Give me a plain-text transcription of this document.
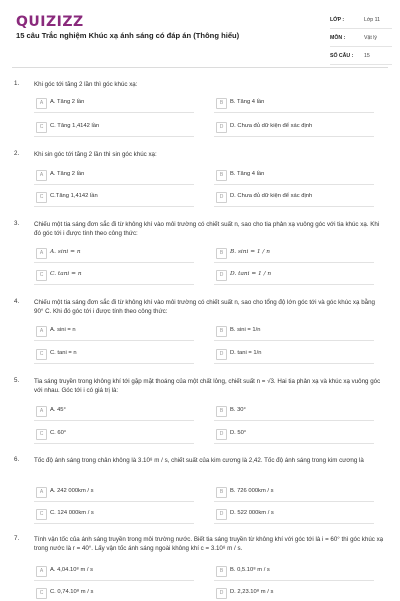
QUIZIZZ
15 câu Trắc nghiệm Khúc xạ ánh sáng có đáp án (Thông hiểu)
LỚP :	Lớp 11
MÔN :	Vật lý
SỐ CÂU : 15
1. Khi góc tới tăng 2 lần thì góc khúc xạ:
A	A. Tăng 2 lần	B	B. Tăng 4 lần
C	C. Tăng 1,4142 lần	D	D. Chưa đủ dữ kiện để xác định
2. Khi sin góc tới tăng 2 lần thì sin góc khúc xạ:
A	A. Tăng 2 lần	B	B. Tăng 4 lần
C	C.Tăng 1,4142 lần	D	D. Chưa đủ dữ kiện để xác định
3. Chiếu một tia sáng đơn sắc đi từ không khí vào môi trường có chiết suất n, sao cho tia phản xạ vuông góc với tia khúc xạ. Khi đó góc tới i được tính theo công thức:
A	A. sini = n	B	B. sini = 1 / n
C	C. tani = n	D	D. tani = 1 / n
4. Chiếu một tia sáng đơn sắc đi từ không khí vào môi trường có chiết suất n, sao cho tổng độ lớn góc tới và góc khúc xạ bằng 90° C. Khi đó góc tới i được tính theo công thức:
A	A. sini = n	B	B. sini = 1/n
C	C. tani = n	D	D. tani = 1/n
5. Tia sáng truyền trong không khí tới gặp mặt thoáng của một chất lỏng, chiết suất n = √3. Hai tia phản xạ và khúc xạ vuông góc với nhau. Góc tới i có giá trị là:
A	A. 45°	B	B. 30°
C	C. 60°	D	D. 50°
6. Tốc độ ánh sáng trong chân không là 3.10⁸ m / s, chiết suất của kim cương là 2,42. Tốc độ ánh sáng trong kim cương là
A	A. 242 000km / s	B	B. 726 000km / s
C	C. 124 000km / s	D	D. 522 000km / s
7. Tính vận tốc của ánh sáng truyền trong môi trường nước. Biết tia sáng truyền từ không khí với góc tới là i = 60° thì góc khúc xạ trong nước là r = 40°. Lấy vận tốc ánh sáng ngoài không khí c = 3.10⁸ m / s.
A	A. 4,04.10⁸ m / s	B	B. 0,5.10⁸ m / s
C	C. 0,74.10⁸ m / s	D	D. 2,23.10⁸ m / s
